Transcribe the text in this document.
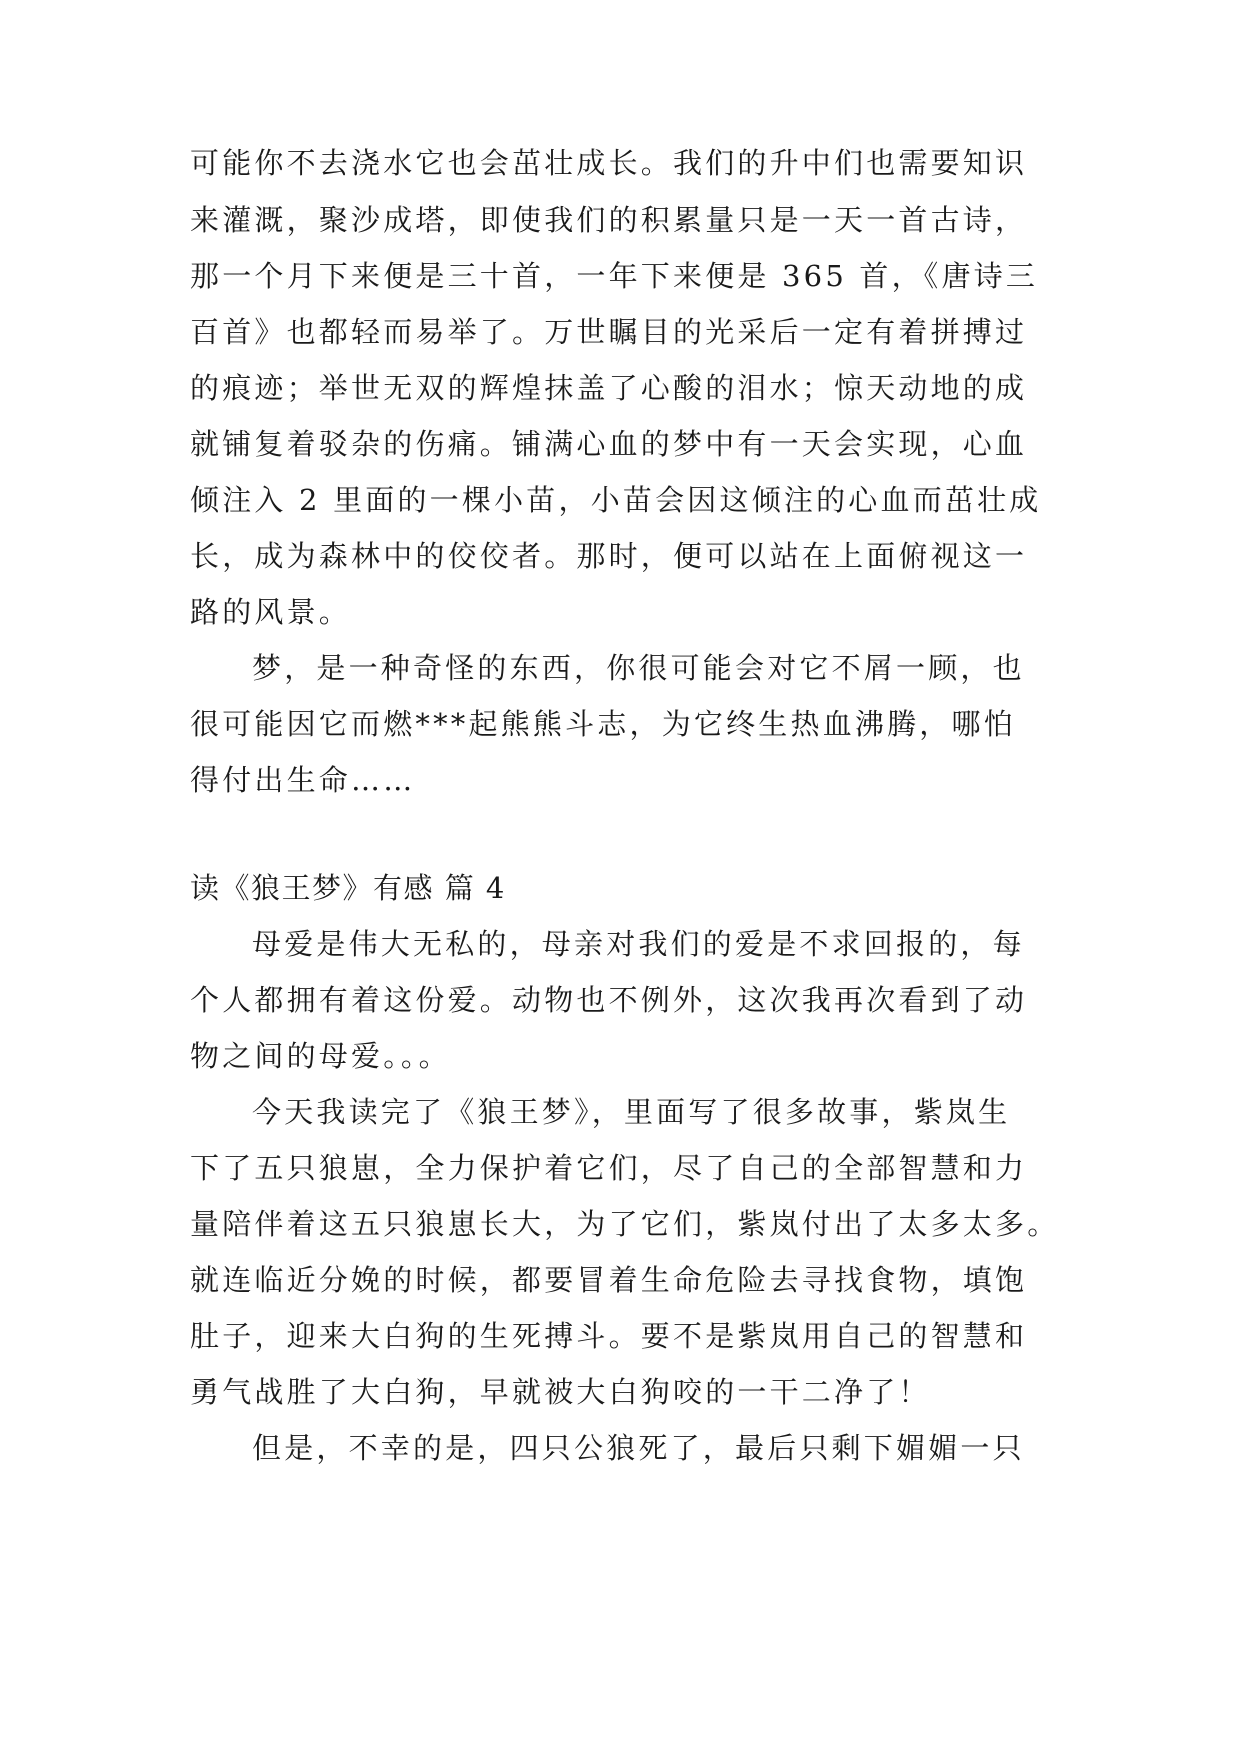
可能你不去浇水它也会茁壮成长。我们的升中们也需要知识

来灌溉，聚沙成塔，即使我们的积累量只是一天一首古诗，

那一个月下来便是三十首，一年下来便是 365 首，《唐诗三

百首》也都轻而易举了。万世瞩目的光采后一定有着拼搏过

的痕迹；举世无双的辉煌抹盖了心酸的泪水；惊天动地的成

就铺复着驳杂的伤痛。铺满心血的梦中有一天会实现，心血

倾注入 2 里面的一棵小苗，小苗会因这倾注的心血而茁壮成

长，成为森林中的佼佼者。那时，便可以站在上面俯视这一

路的风景。

梦，是一种奇怪的东西，你很可能会对它不屑一顾，也

很可能因它而燃***起熊熊斗志，为它终生热血沸腾，哪怕

得付出生命……

读《狼王梦》有感 篇 4

母爱是伟大无私的，母亲对我们的爱是不求回报的，每

个人都拥有着这份爱。动物也不例外，这次我再次看到了动

物之间的母爱。。。

今天我读完了《狼王梦》，里面写了很多故事，紫岚生

下了五只狼崽，全力保护着它们，尽了自己的全部智慧和力

量陪伴着这五只狼崽长大，为了它们，紫岚付出了太多太多。

就连临近分娩的时候，都要冒着生命危险去寻找食物，填饱

肚子，迎来大白狗的生死搏斗。要不是紫岚用自己的智慧和

勇气战胜了大白狗，早就被大白狗咬的一干二净了！

但是，不幸的是，四只公狼死了，最后只剩下媚媚一只
